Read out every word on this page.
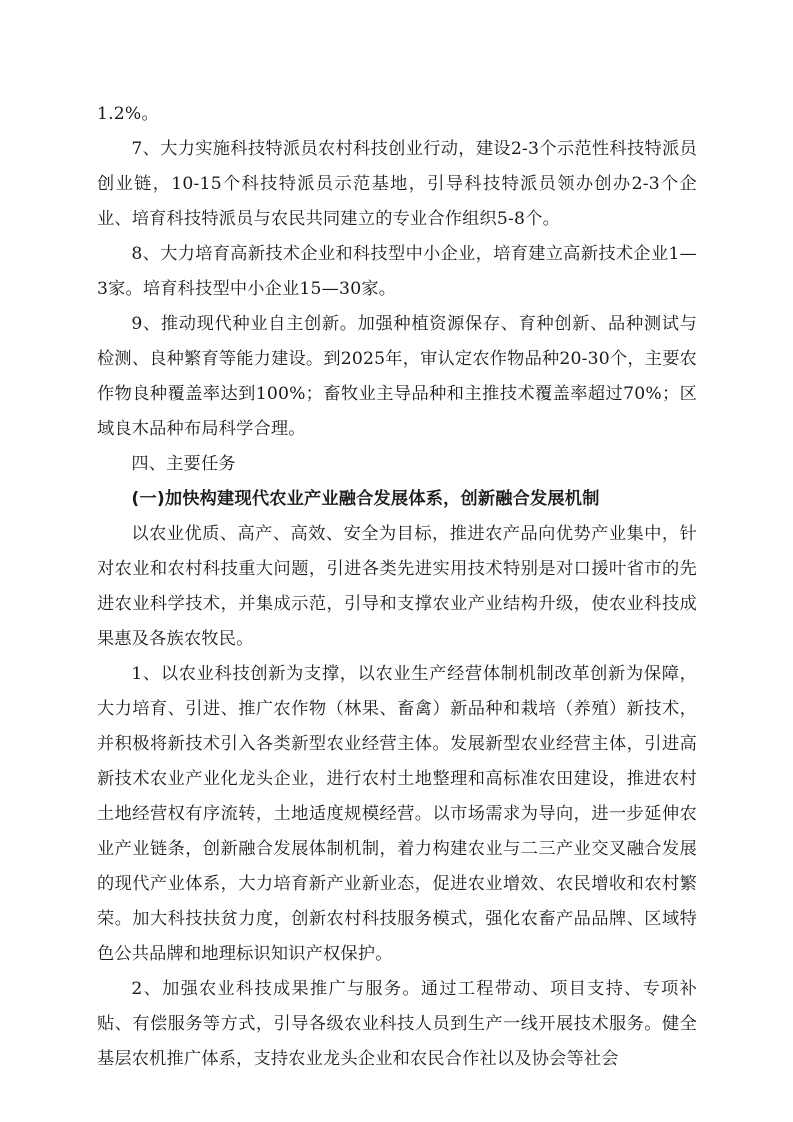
1.2%。

7、大力实施科技特派员农村科技创业行动，建设2-3个示范性科技特派员创业链，10-15个科技特派员示范基地，引导科技特派员领办创办2-3个企业、培育科技特派员与农民共同建立的专业合作组织5-8个。

8、大力培育高新技术企业和科技型中小企业，培育建立高新技术企业1—3家。培育科技型中小企业15—30家。

9、推动现代种业自主创新。加强种植资源保存、育种创新、品种测试与检测、良种繁育等能力建设。到2025年，审认定农作物品种20-30个，主要农作物良种覆盖率达到100%；畜牧业主导品种和主推技术覆盖率超过70%；区域良木品种布局科学合理。

四、主要任务

(一)加快构建现代农业产业融合发展体系，创新融合发展机制

以农业优质、高产、高效、安全为目标，推进农产品向优势产业集中，针对农业和农村科技重大问题，引进各类先进实用技术特别是对口援叶省市的先进农业科学技术，并集成示范，引导和支撑农业产业结构升级，使农业科技成果惠及各族农牧民。

1、以农业科技创新为支撑，以农业生产经营体制机制改革创新为保障，大力培育、引进、推广农作物（林果、畜禽）新品种和栽培（养殖）新技术，并积极将新技术引入各类新型农业经营主体。发展新型农业经营主体，引进高新技术农业产业化龙头企业，进行农村土地整理和高标准农田建设，推进农村土地经营权有序流转，土地适度规模经营。以市场需求为导向，进一步延伸农业产业链条，创新融合发展体制机制，着力构建农业与二三产业交叉融合发展的现代产业体系，大力培育新产业新业态，促进农业增效、农民增收和农村繁荣。加大科技扶贫力度，创新农村科技服务模式，强化农畜产品品牌、区域特色公共品牌和地理标识知识产权保护。

2、加强农业科技成果推广与服务。通过工程带动、项目支持、专项补贴、有偿服务等方式，引导各级农业科技人员到生产一线开展技术服务。健全基层农机推广体系，支持农业龙头企业和农民合作社以及协会等社会
